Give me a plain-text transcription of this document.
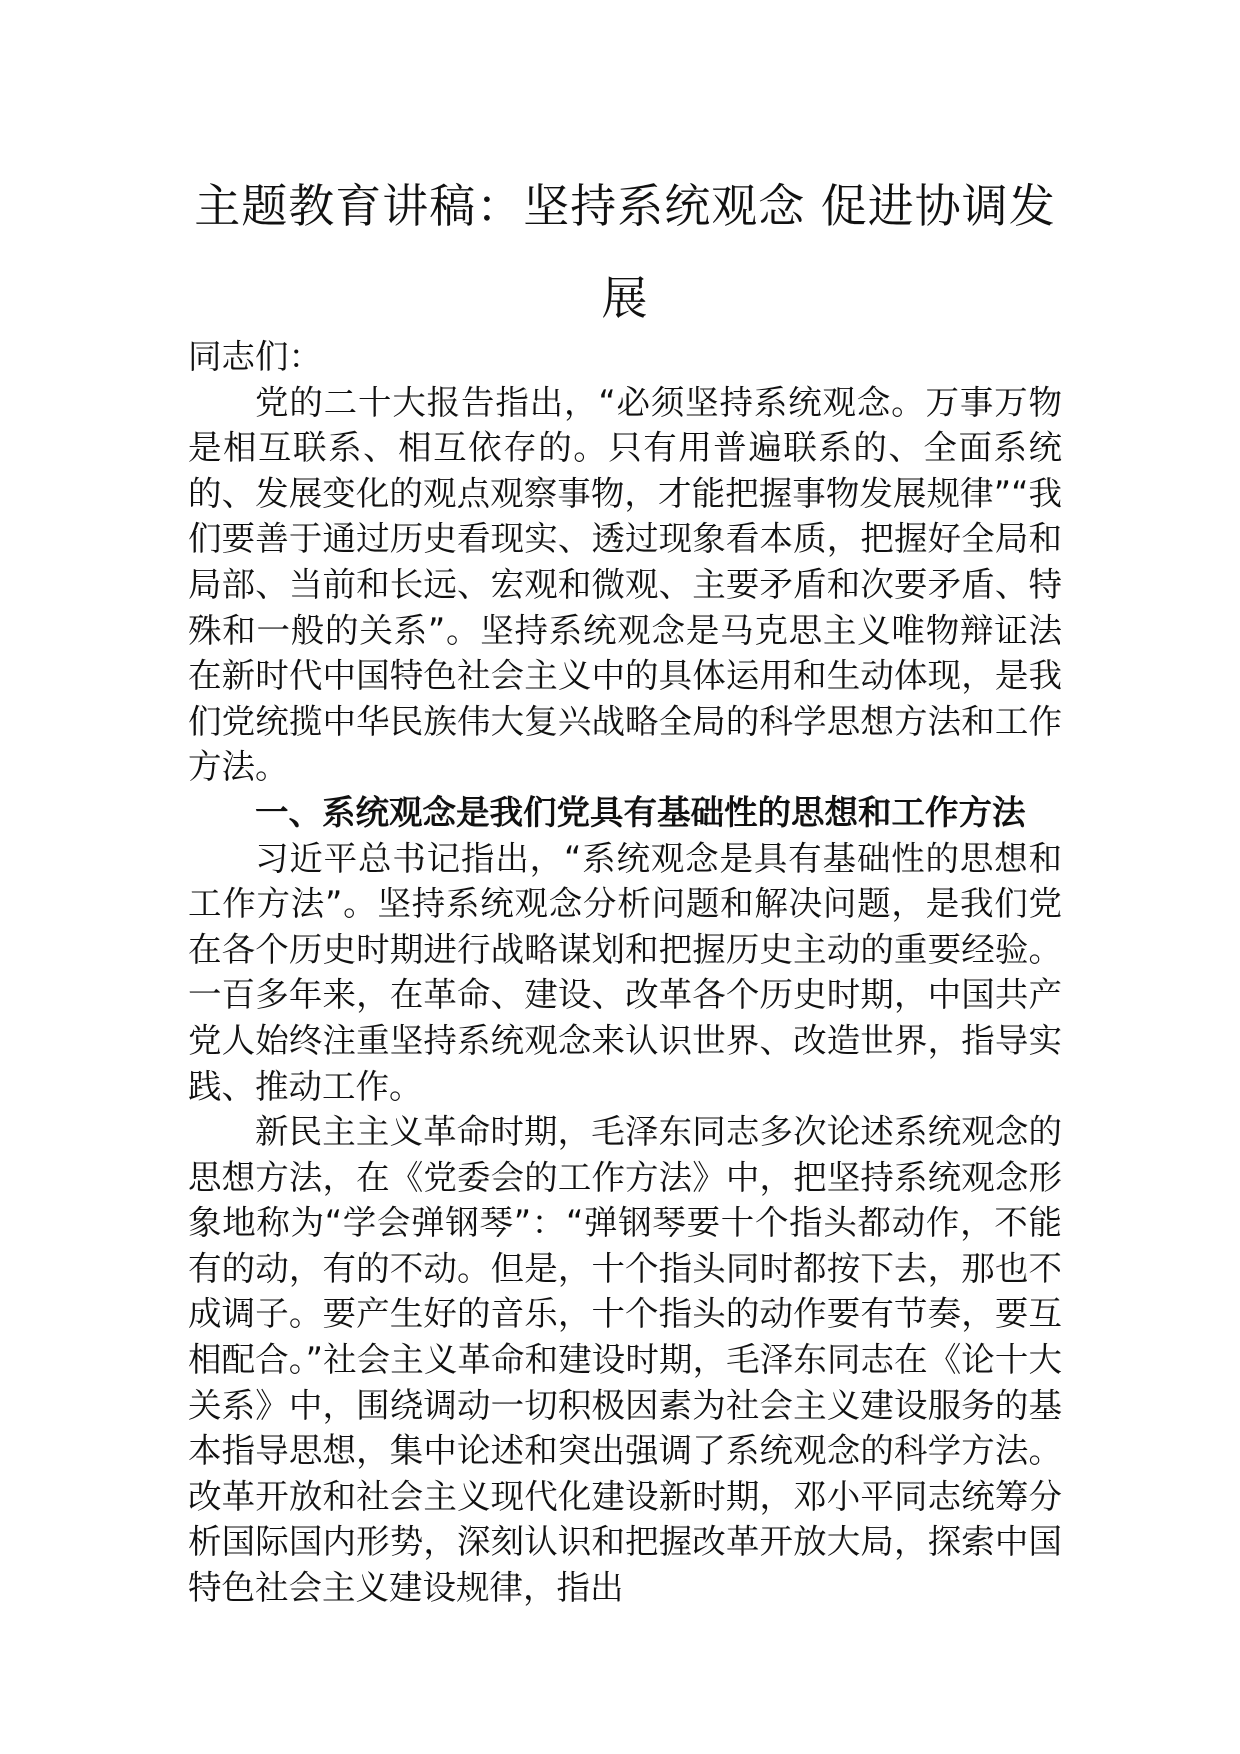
主题教育讲稿：坚持系统观念 促进协调发展

同志们：

党的二十大报告指出，“必须坚持系统观念。万事万物是相互联系、相互依存的。只有用普遍联系的、全面系统的、发展变化的观点观察事物，才能把握事物发展规律”“我们要善于通过历史看现实、透过现象看本质，把握好全局和局部、当前和长远、宏观和微观、主要矛盾和次要矛盾、特殊和一般的关系”。坚持系统观念是马克思主义唯物辩证法在新时代中国特色社会主义中的具体运用和生动体现，是我们党统揽中华民族伟大复兴战略全局的科学思想方法和工作方法。

一、系统观念是我们党具有基础性的思想和工作方法

习近平总书记指出，“系统观念是具有基础性的思想和工作方法”。坚持系统观念分析问题和解决问题，是我们党在各个历史时期进行战略谋划和把握历史主动的重要经验。一百多年来，在革命、建设、改革各个历史时期，中国共产党人始终注重坚持系统观念来认识世界、改造世界，指导实践、推动工作。

新民主主义革命时期，毛泽东同志多次论述系统观念的思想方法，在《党委会的工作方法》中，把坚持系统观念形象地称为“学会弹钢琴”：“弹钢琴要十个指头都动作，不能有的动，有的不动。但是，十个指头同时都按下去，那也不成调子。要产生好的音乐，十个指头的动作要有节奏，要互相配合。”社会主义革命和建设时期，毛泽东同志在《论十大关系》中，围绕调动一切积极因素为社会主义建设服务的基本指导思想，集中论述和突出强调了系统观念的科学方法。改革开放和社会主义现代化建设新时期，邓小平同志统筹分析国际国内形势，深刻认识和把握改革开放大局，探索中国特色社会主义建设规律，指出
